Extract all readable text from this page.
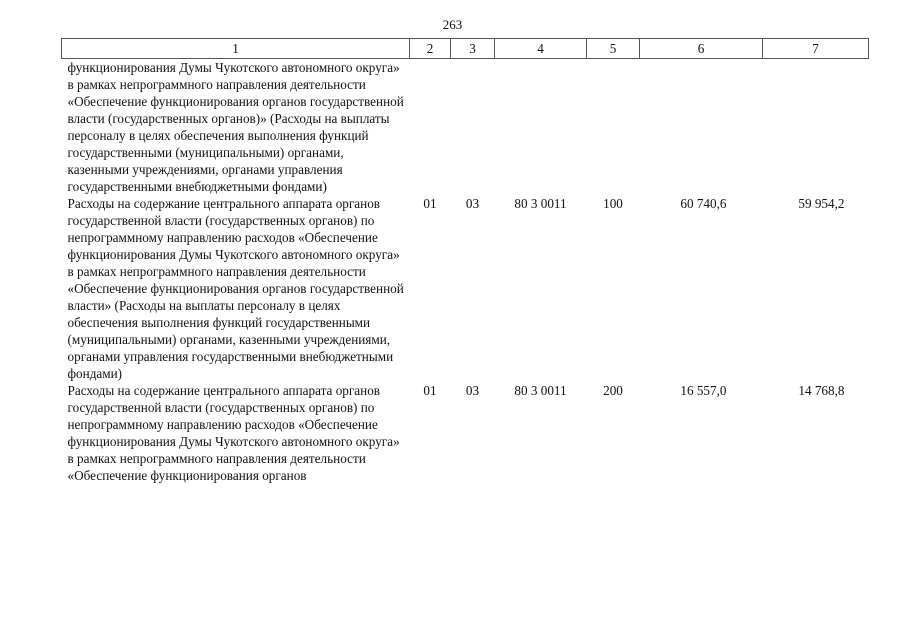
263
1	2	3	4	5	6	7
функционирования Думы Чукотского автономного округа» в рамках непрограммного направления деятельности «Обеспечение функционирования органов государственной власти (государственных органов)» (Расходы на выплаты персоналу в целях обеспечения выполнения функций государственными (муниципальными) органами, казенными учреждениями, органами управления государственными внебюджетными фондами)						
Расходы на содержание центрального аппарата органов государственной власти (государственных органов) по непрограммному направлению расходов «Обеспечение функционирования Думы Чукотского автономного округа» в рамках непрограммного направления деятельности «Обеспечение функционирования органов государственной власти» (Расходы на выплаты персоналу в целях обеспечения выполнения функций государственными (муниципальными) органами, казенными учреждениями, органами управления государственными внебюджетными фондами)	01	03	80 3 0011	100	60 740,6	59 954,2
Расходы на содержание центрального аппарата органов государственной власти (государственных органов) по непрограммному направлению расходов «Обеспечение функционирования Думы Чукотского автономного округа» в рамках непрограммного направления деятельности «Обеспечение функционирования органов	01	03	80 3 0011	200	16 557,0	14 768,8
